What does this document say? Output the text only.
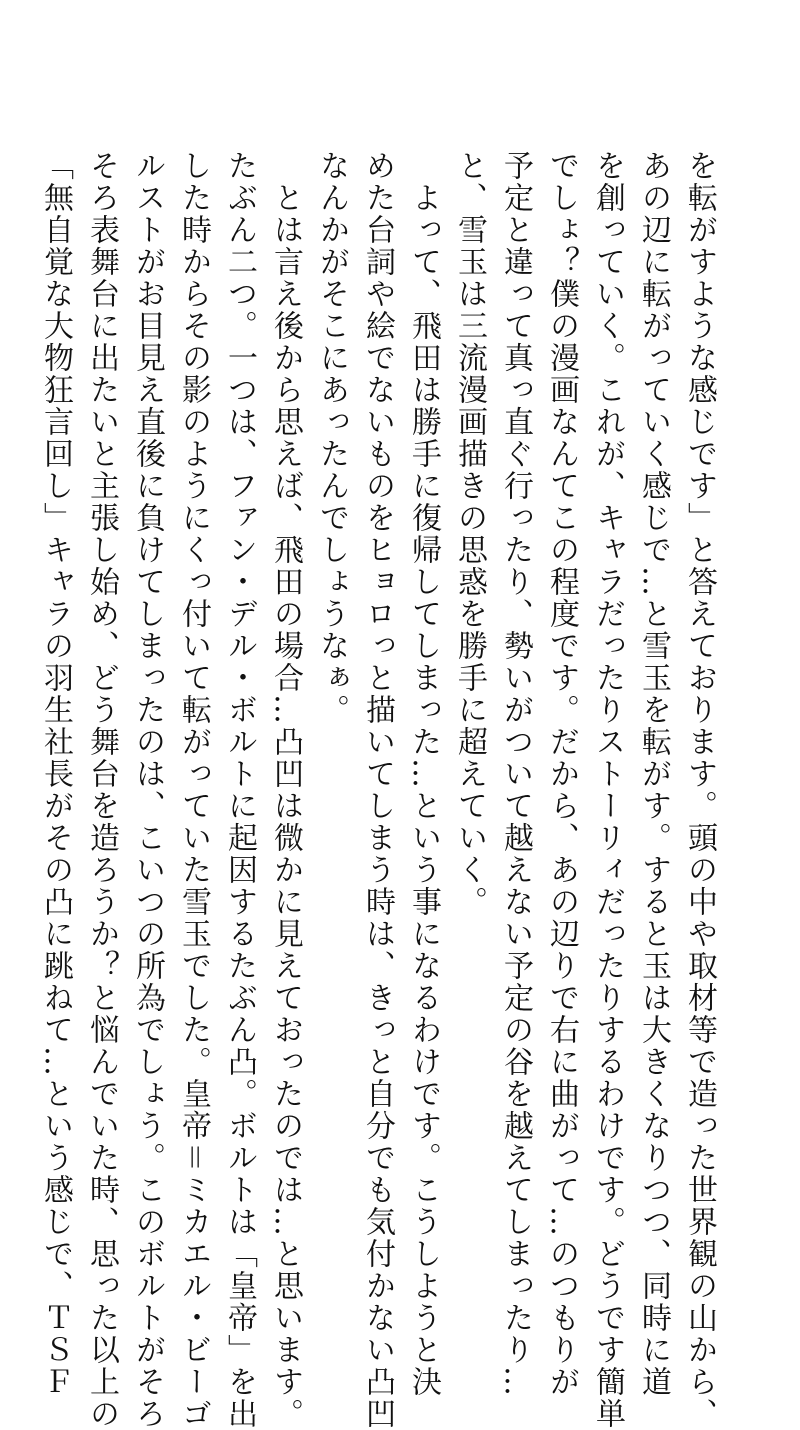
を転がすような感じです」と答えております。頭の中や取材等で造った世界観の山から、

あの辺に転がっていく感じで…と雪玉を転がす。すると玉は大きくなりつつ、同時に道

を創っていく。これが、キャラだったりストーリィだったりするわけです。どうです簡単

でしょ？僕の漫画なんてこの程度です。だから、あの辺りで右に曲がって…のつもりが

予定と違って真っ直ぐ行ったり、勢いがついて越えない予定の谷を越えてしまったり…

と、雪玉は三流漫画描きの思惑を勝手に超えていく。

　よって、飛田は勝手に復帰してしまった…という事になるわけです。こうしようと決

めた台詞や絵でないものをヒョロっと描いてしまう時は、きっと自分でも気付かない凸凹

なんかがそこにあったんでしょうなぁ。

　とは言え後から思えば、飛田の場合…凸凹は微かに見えておったのでは…と思います。

たぶん二つ。一つは、ファン・デル・ボルトに起因するたぶん凸。ボルトは「皇帝」を出

した時からその影のようにくっ付いて転がっていた雪玉でした。皇帝＝ミカエル・ビーゴ

ルストがお目見え直後に負けてしまったのは、こいつの所為でしょう。このボルトがそろ

そろ表舞台に出たいと主張し始め、どう舞台を造ろうか？と悩んでいた時、思った以上の

「無自覚な大物狂言回し」キャラの羽生社長がその凸に跳ねて…という感じで、ＴＳＦ
